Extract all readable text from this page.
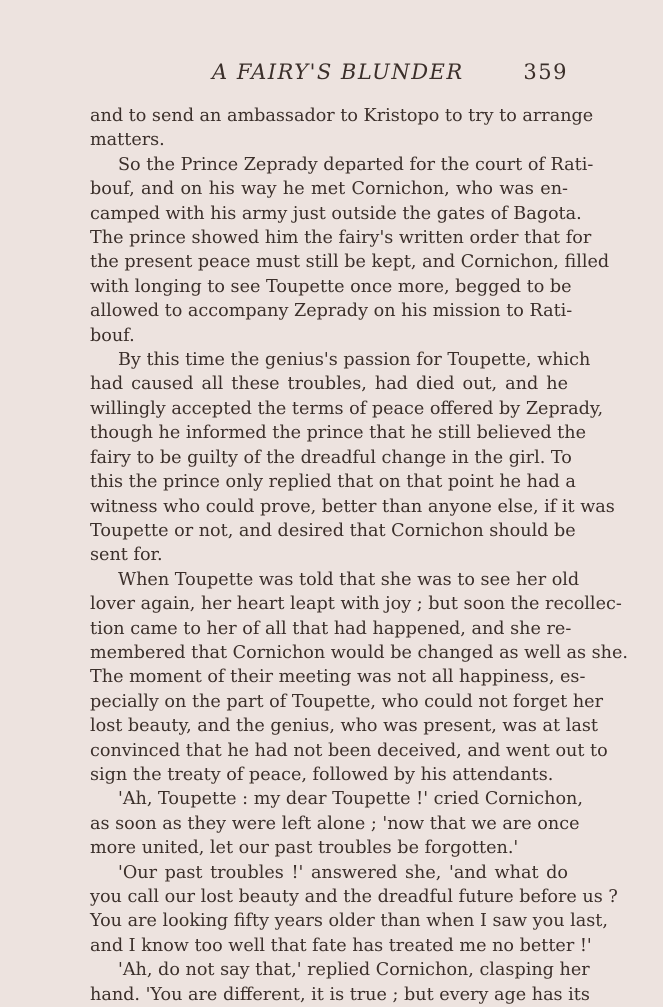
A FAIRY'S BLUNDER	359
and to send an ambassador to Kristopo to try to arrange
matters.
So the Prince Zeprady departed for the court of Rati-
bouf, and on his way he met Cornichon, who was en-
camped with his army just outside the gates of Bagota.
The prince showed him the fairy's written order that for
the present peace must still be kept, and Cornichon, filled
with longing to see Toupette once more, begged to be
allowed to accompany Zeprady on his mission to Rati-
bouf.
By this time the genius's passion for Toupette, which
had caused all these troubles, had died out, and he
willingly accepted the terms of peace offered by Zeprady,
though he informed the prince that he still believed the
fairy to be guilty of the dreadful change in the girl. To
this the prince only replied that on that point he had a
witness who could prove, better than anyone else, if it was
Toupette or not, and desired that Cornichon should be
sent for.
When Toupette was told that she was to see her old
lover again, her heart leapt with joy ; but soon the recollec-
tion came to her of all that had happened, and she re-
membered that Cornichon would be changed as well as she.
The moment of their meeting was not all happiness, es-
pecially on the part of Toupette, who could not forget her
lost beauty, and the genius, who was present, was at last
convinced that he had not been deceived, and went out to
sign the treaty of peace, followed by his attendants.
'Ah, Toupette : my dear Toupette !' cried Cornichon,
as soon as they were left alone ; 'now that we are once
more united, let our past troubles be forgotten.'
'Our past troubles !' answered she, 'and what do
you call our lost beauty and the dreadful future before us ?
You are looking fifty years older than when I saw you last,
and I know too well that fate has treated me no better !'
'Ah, do not say that,' replied Cornichon, clasping her
hand. 'You are different, it is true ; but every age has its
